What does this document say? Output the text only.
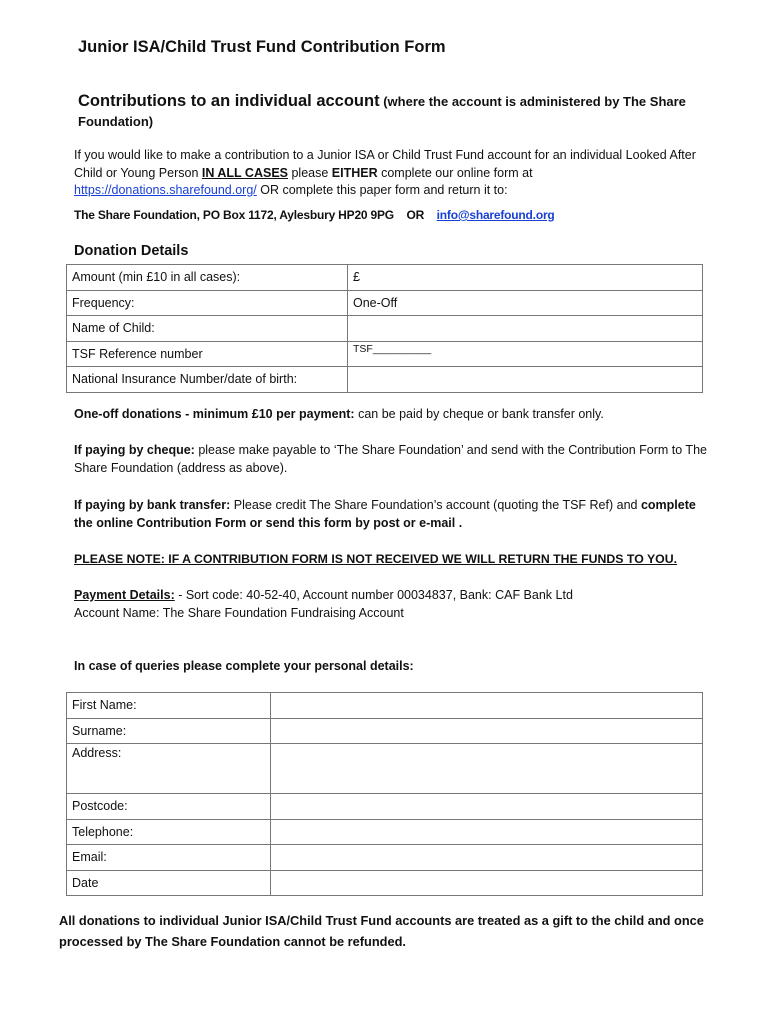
Junior ISA/Child Trust Fund Contribution Form
Contributions to an individual account (where the account is administered by The Share Foundation)
If you would like to make a contribution to a Junior ISA or Child Trust Fund account for an individual Looked After Child or Young Person IN ALL CASES please EITHER complete our online form at https://donations.sharefound.org/ OR complete this paper form and return it to:
The Share Foundation, PO Box 1172, Aylesbury HP20 9PG OR info@sharefound.org
Donation Details
Amount (min £10 in all cases):	£
Frequency:	One-Off
Name of Child:	
TSF Reference number	TSF__________
National Insurance Number/date of birth:	
One-off donations - minimum £10 per payment: can be paid by cheque or bank transfer only.
If paying by cheque: please make payable to ‘The Share Foundation’ and send with the Contribution Form to The Share Foundation (address as above).
If paying by bank transfer: Please credit The Share Foundation’s account (quoting the TSF Ref) and complete the online Contribution Form or send this form by post or e-mail .
PLEASE NOTE: IF A CONTRIBUTION FORM IS NOT RECEIVED WE WILL RETURN THE FUNDS TO YOU.
Payment Details: - Sort code: 40-52-40, Account number 00034837, Bank: CAF Bank Ltd
Account Name: The Share Foundation Fundraising Account
In case of queries please complete your personal details:
First Name:	
Surname:	
Address:	
Postcode:	
Telephone:	
Email:	
Date	
All donations to individual Junior ISA/Child Trust Fund accounts are treated as a gift to the child and once processed by The Share Foundation cannot be refunded.
